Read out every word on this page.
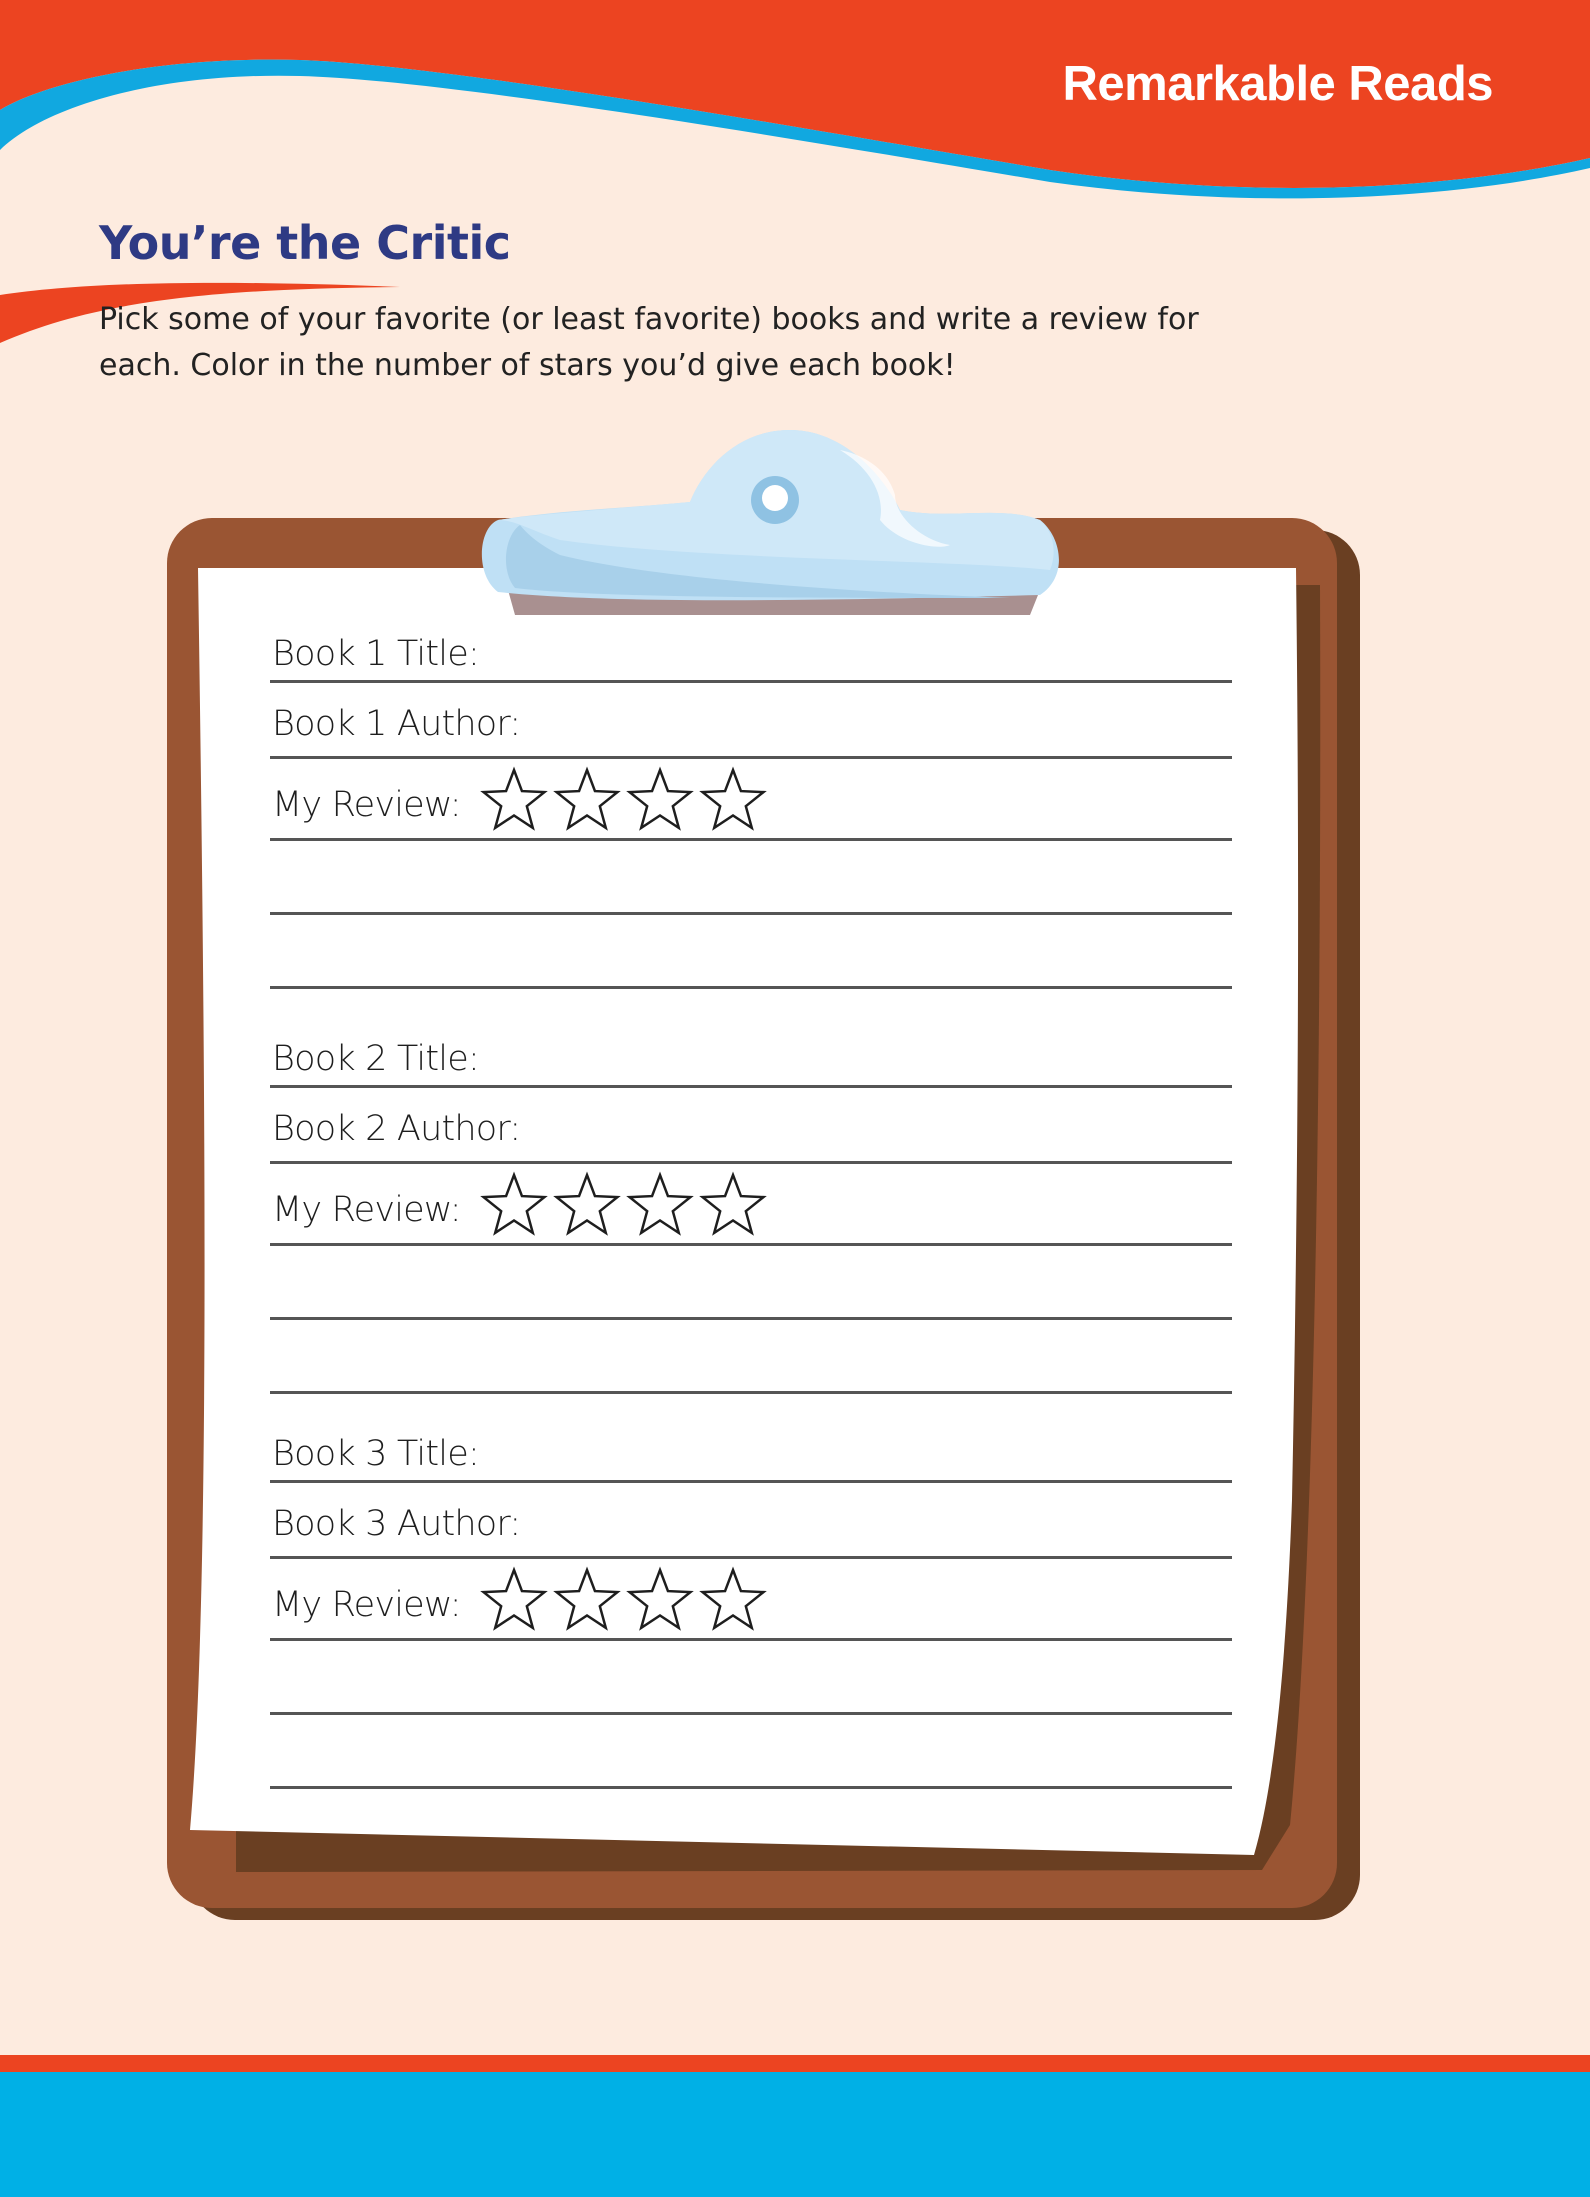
Remarkable Reads
You’re the Critic
Pick some of your favorite (or least favorite) books and write a review for
each. Color in the number of stars you’d give each book!
Book 1 Title:
Book 1 Author:
My Review:
Book 2 Title:
Book 2 Author:
My Review:
Book 3 Title:
Book 3 Author:
My Review:
